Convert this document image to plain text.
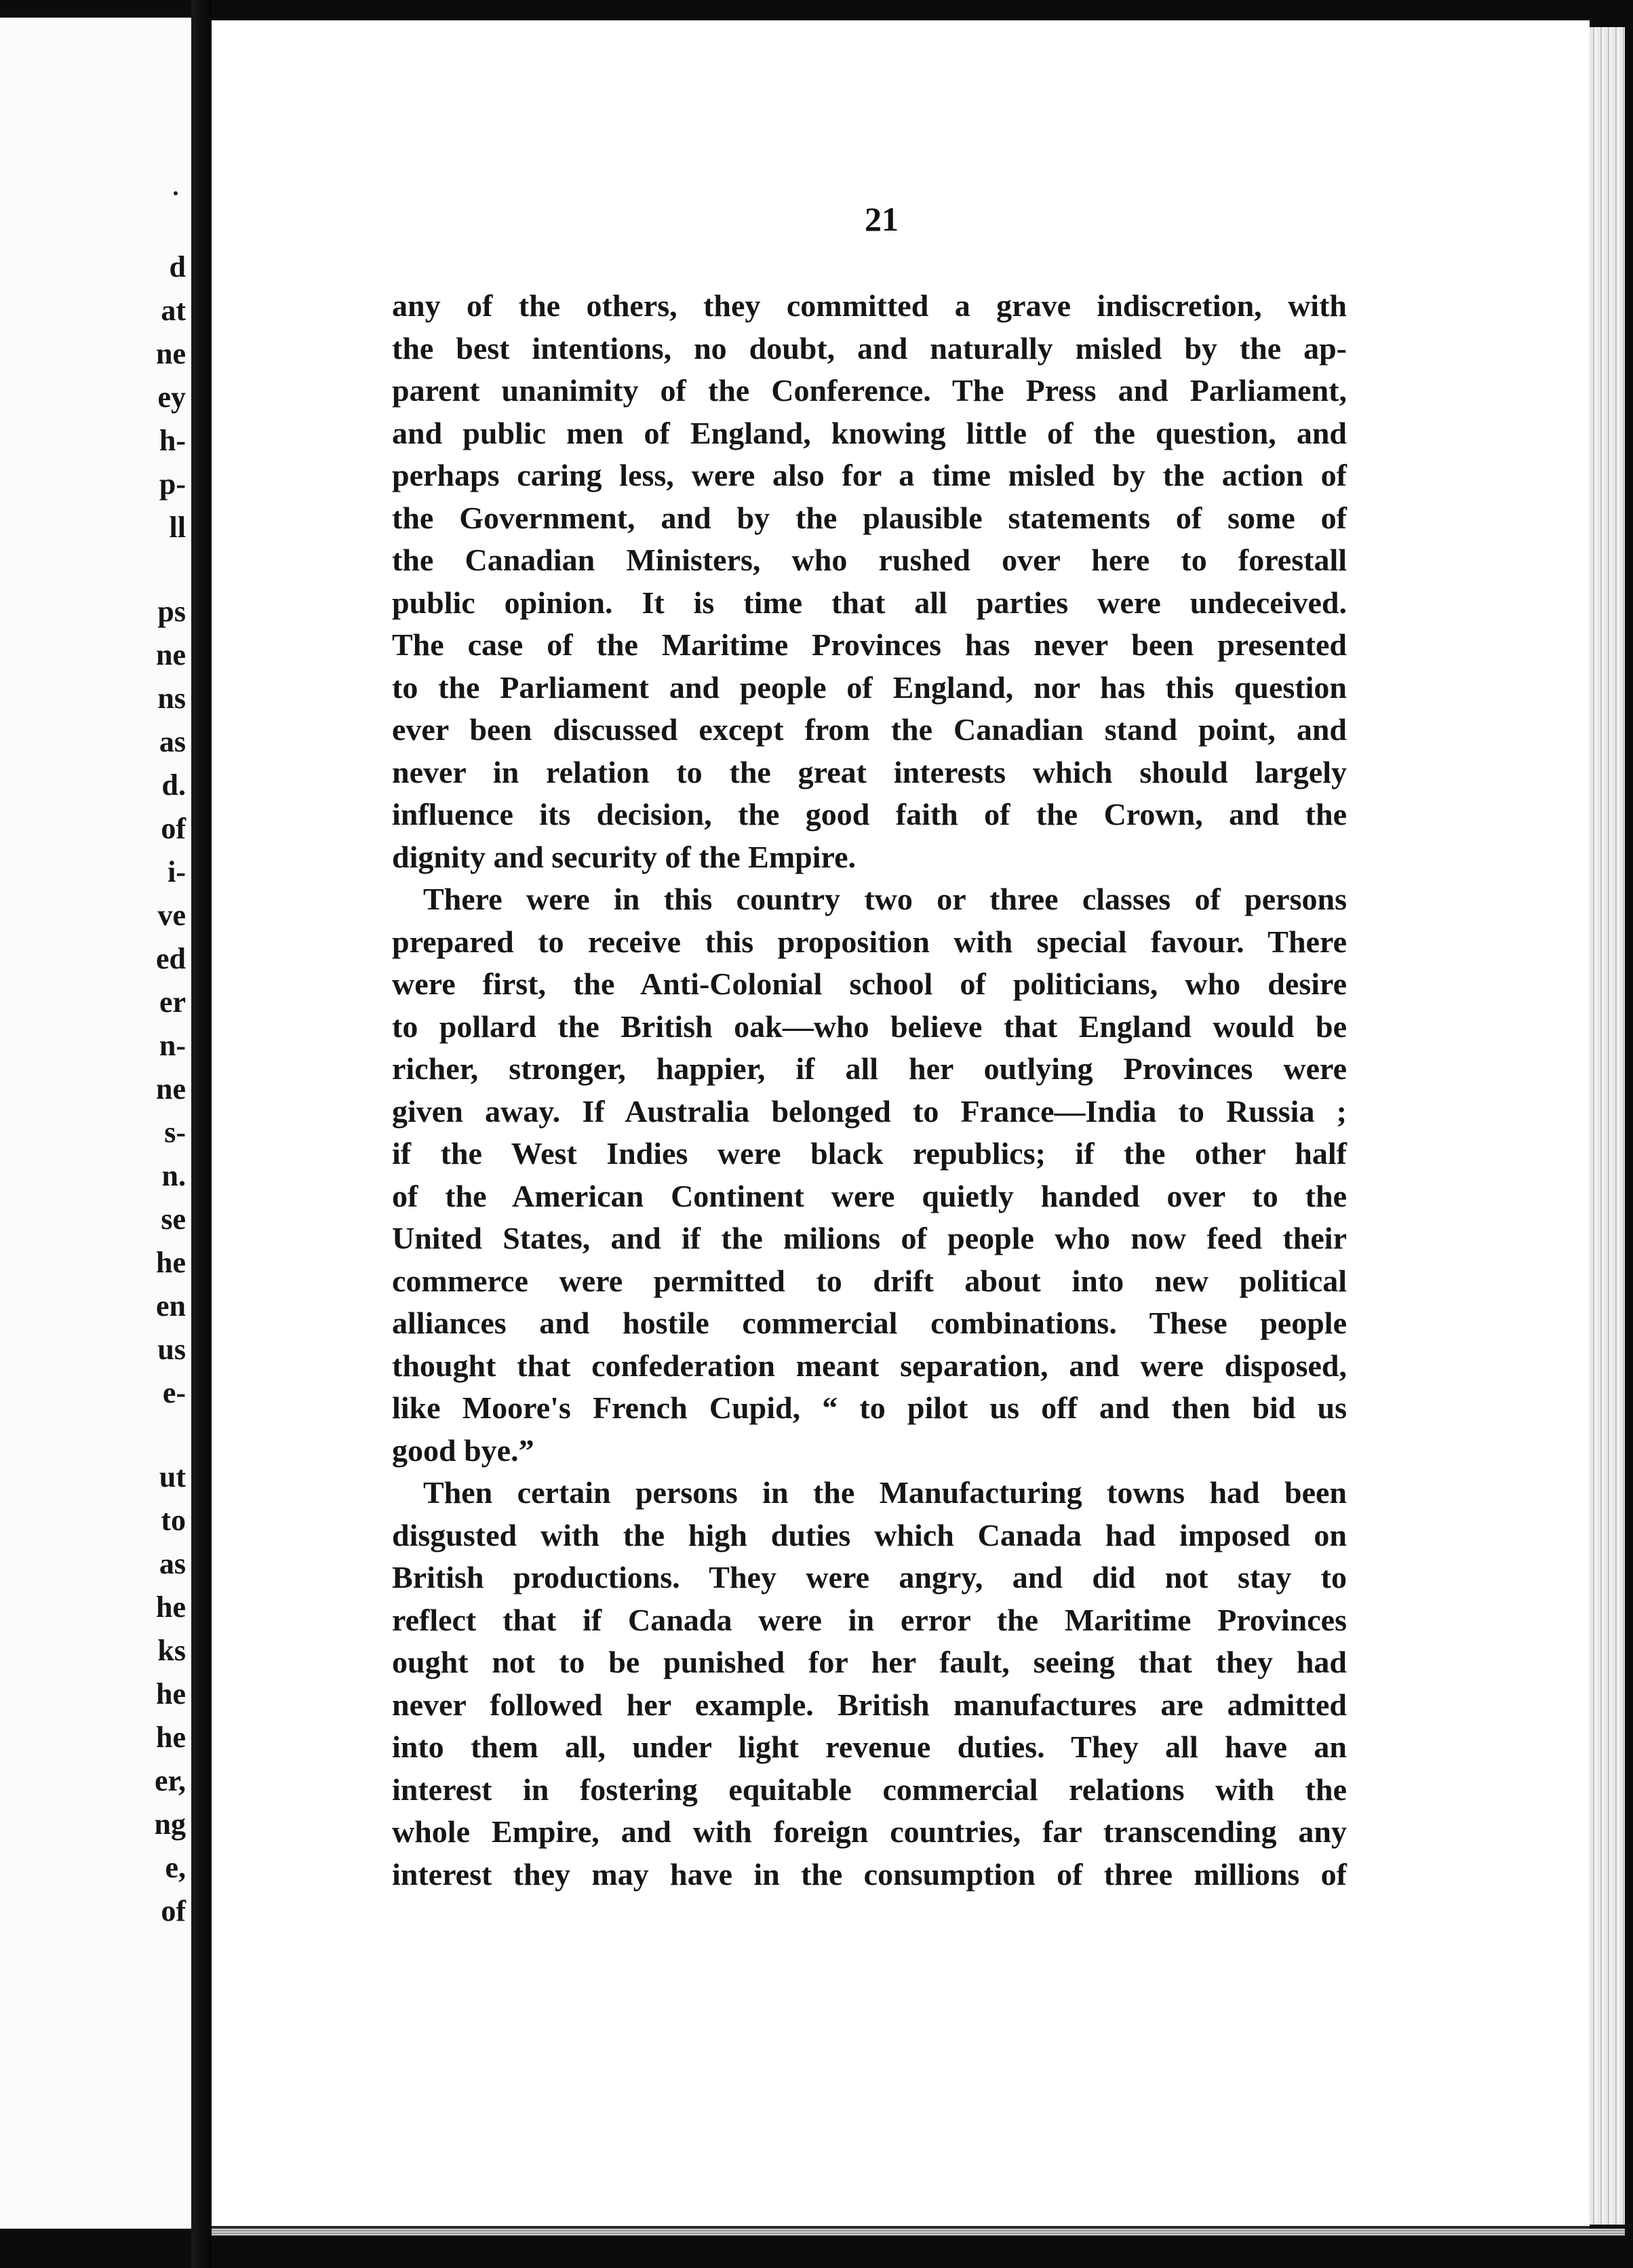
d
at
ne
ey
h-
p-
ll
ps
ne
ns
as
d.
of
i-
ve
ed
er
n-
ne
s-
n.
se
he
en
us
e-
ut
to
as
he
ks
he
he
er,
ng
e,
of
21
any of the others, they committed a grave indiscretion, with
the best intentions, no doubt, and naturally misled by the ap-
parent unanimity of the Conference. The Press and Parliament,
and public men of England, knowing little of the question, and
perhaps caring less, were also for a time misled by the action of
the Government, and by the plausible statements of some of
the Canadian Ministers, who rushed over here to forestall
public opinion. It is time that all parties were undeceived.
The case of the Maritime Provinces has never been presented
to the Parliament and people of England, nor has this question
ever been discussed except from the Canadian stand point, and
never in relation to the great interests which should largely
influence its decision, the good faith of the Crown, and the
dignity and security of the Empire.
There were in this country two or three classes of persons
prepared to receive this proposition with special favour. There
were first, the Anti-Colonial school of politicians, who desire
to pollard the British oak—who believe that England would be
richer, stronger, happier, if all her outlying Provinces were
given away. If Australia belonged to France—India to Russia ;
if the West Indies were black republics; if the other half
of the American Continent were quietly handed over to the
United States, and if the milions of people who now feed their
commerce were permitted to drift about into new political
alliances and hostile commercial combinations. These people
thought that confederation meant separation, and were disposed,
like Moore's French Cupid, “ to pilot us off and then bid us
good bye.”
Then certain persons in the Manufacturing towns had been
disgusted with the high duties which Canada had imposed on
British productions. They were angry, and did not stay to
reflect that if Canada were in error the Maritime Provinces
ought not to be punished for her fault, seeing that they had
never followed her example. British manufactures are admitted
into them all, under light revenue duties. They all have an
interest in fostering equitable commercial relations with the
whole Empire, and with foreign countries, far transcending any
interest they may have in the consumption of three millions of
